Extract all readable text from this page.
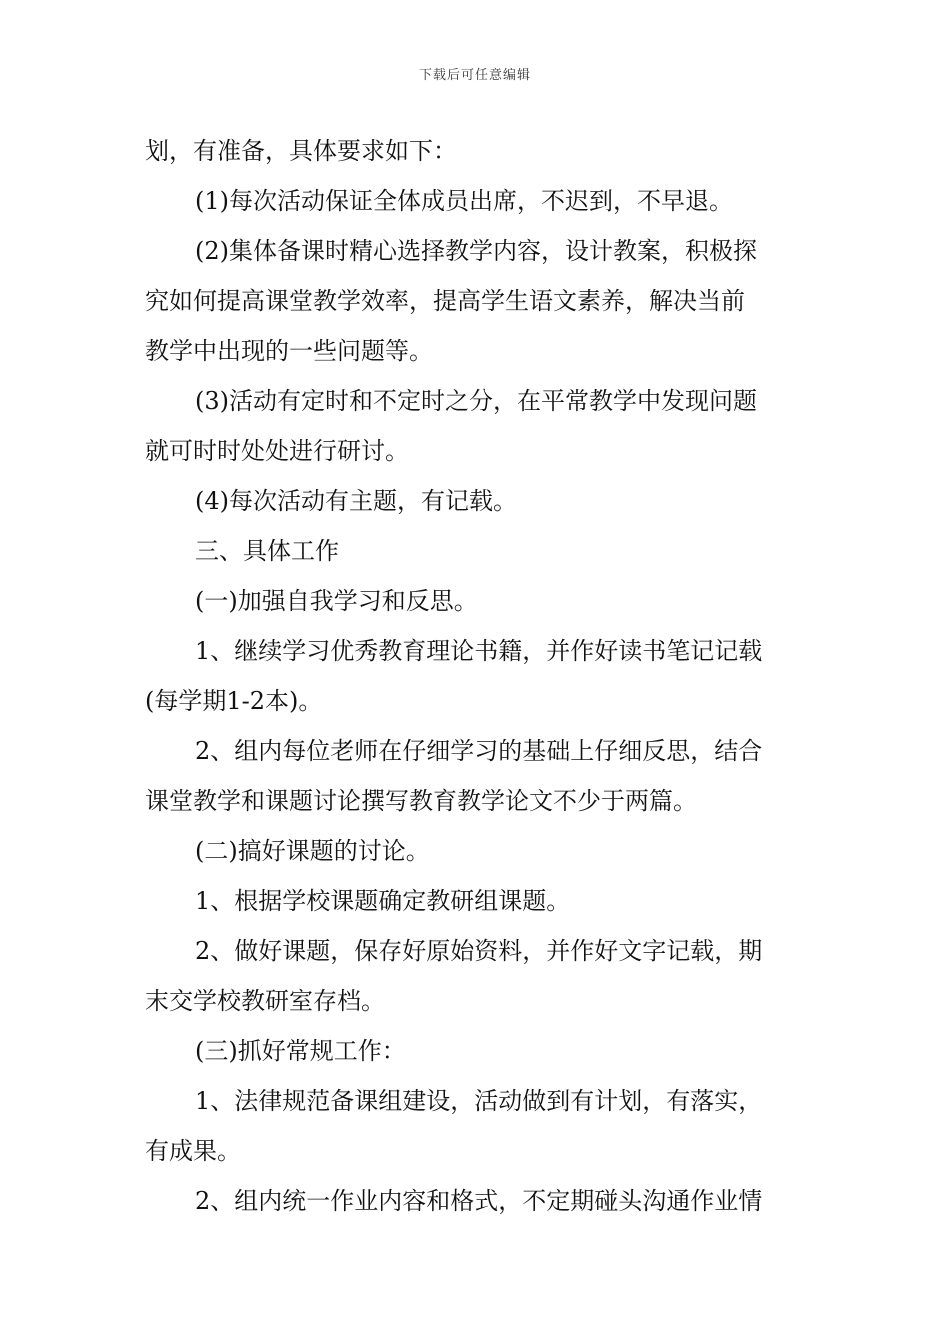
下载后可任意编辑
划，有准备，具体要求如下：
(1)每次活动保证全体成员出席，不迟到，不早退。
(2)集体备课时精心选择教学内容，设计教案，积极探
究如何提高课堂教学效率，提高学生语文素养，解决当前
教学中出现的一些问题等。
(3)活动有定时和不定时之分，在平常教学中发现问题
就可时时处处进行研讨。
(4)每次活动有主题，有记载。
三、具体工作
(一)加强自我学习和反思。
1、继续学习优秀教育理论书籍，并作好读书笔记记载
(每学期1-2本)。
2、组内每位老师在仔细学习的基础上仔细反思，结合
课堂教学和课题讨论撰写教育教学论文不少于两篇。
(二)搞好课题的讨论。
1、根据学校课题确定教研组课题。
2、做好课题，保存好原始资料，并作好文字记载，期
末交学校教研室存档。
(三)抓好常规工作：
1、法律规范备课组建设，活动做到有计划，有落实，
有成果。
2、组内统一作业内容和格式，不定期碰头沟通作业情
